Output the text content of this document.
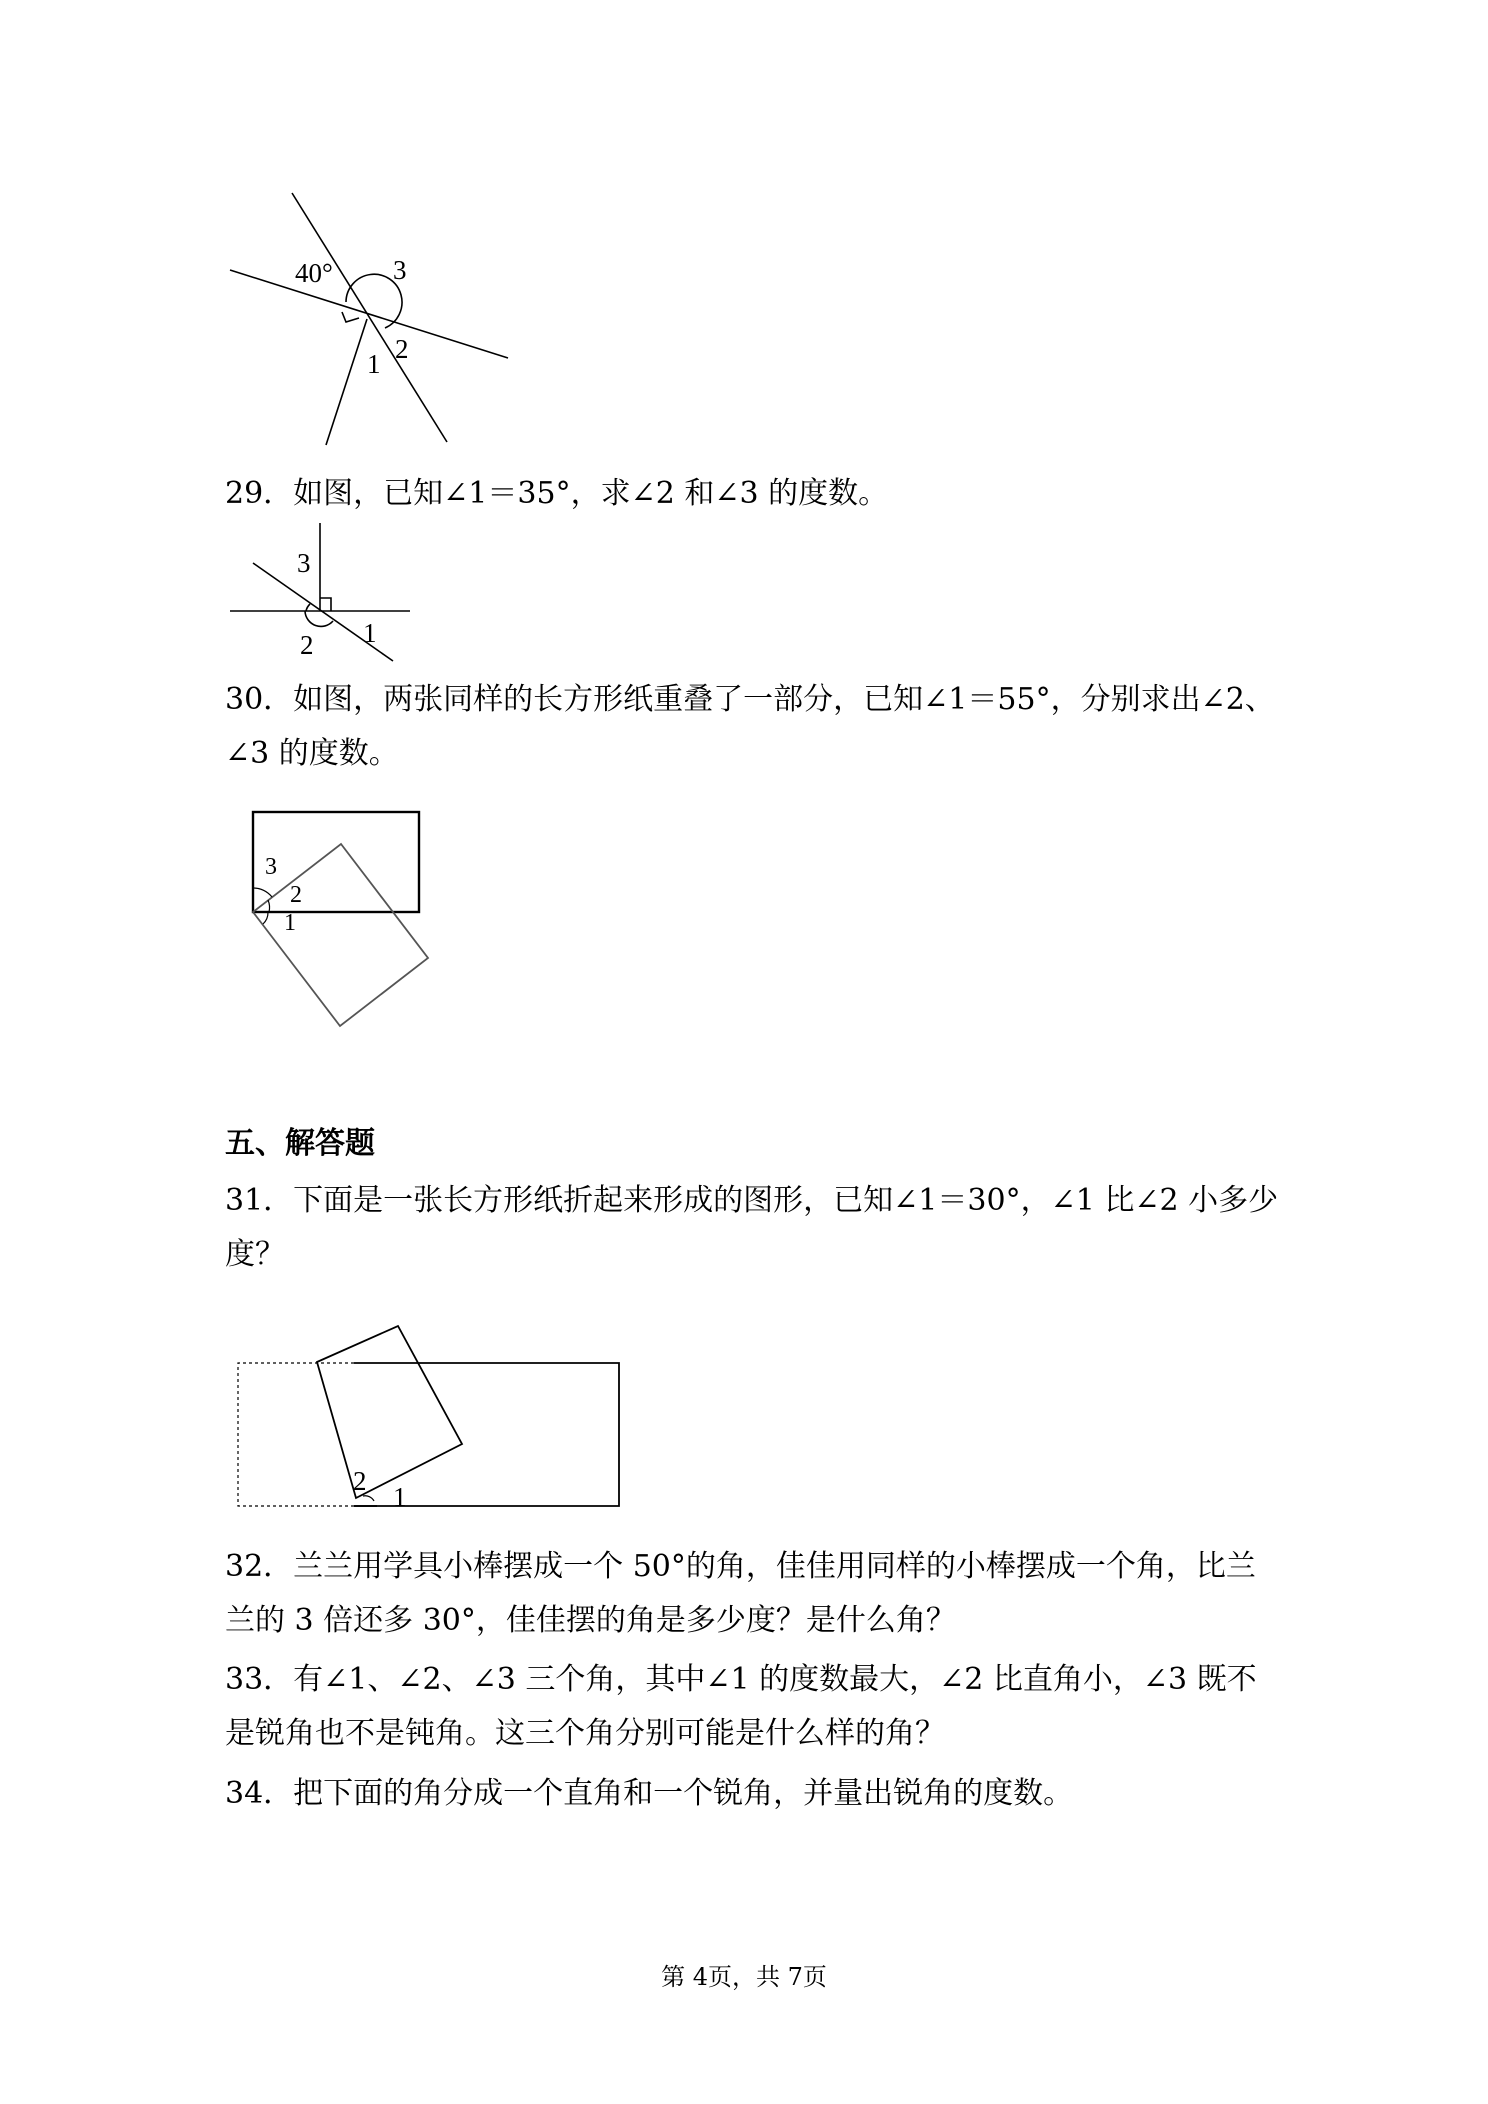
40° 3
2
1

29．如图，已知∠1＝35°，求∠2 和∠3 的度数。

3
2 1

30．如图，两张同样的长方形纸重叠了一部分，已知∠1＝55°，分别求出∠2、∠3 的度数。

3
2
1

五、解答题

31．下面是一张长方形纸折起来形成的图形，已知∠1＝30°，∠1 比∠2 小多少度？

2
1

32．兰兰用学具小棒摆成一个 50°的角，佳佳用同样的小棒摆成一个角，比兰兰的 3 倍还多 30°，佳佳摆的角是多少度？是什么角？

33．有∠1、∠2、∠3 三个角，其中∠1 的度数最大，∠2 比直角小，∠3 既不是锐角也不是钝角。这三个角分别可能是什么样的角？

34．把下面的角分成一个直角和一个锐角，并量出锐角的度数。

第 4页，共 7页
